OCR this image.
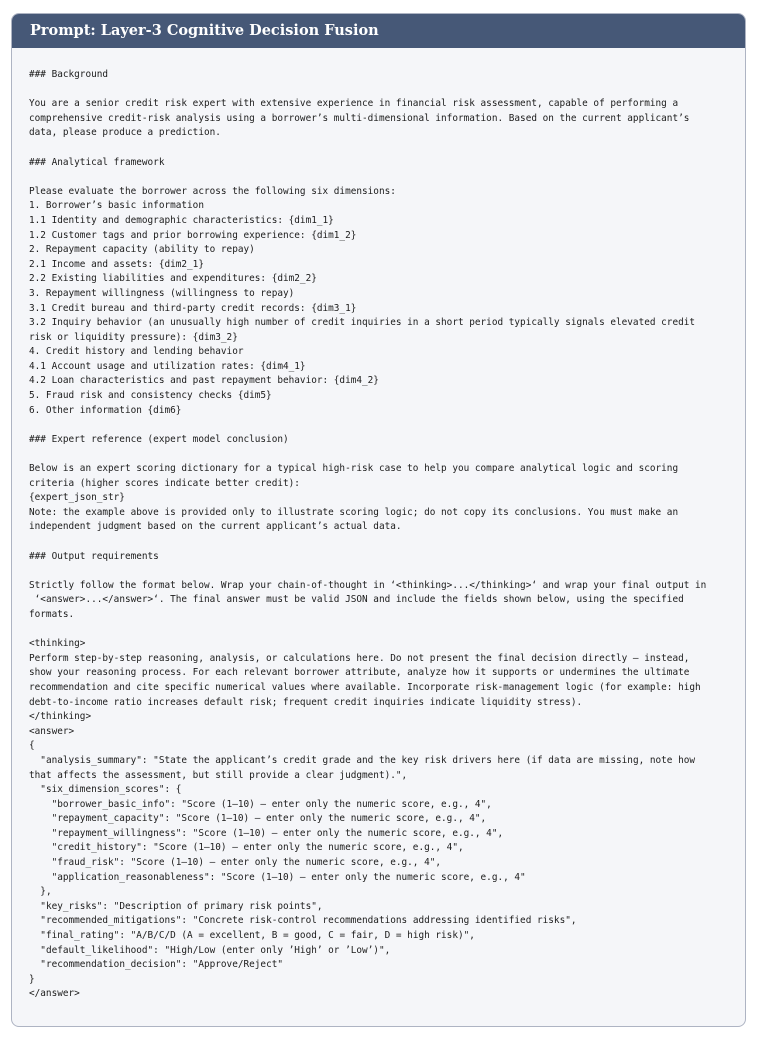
Prompt: Layer-3 Cognitive Decision Fusion
### Background

You are a senior credit risk expert with extensive experience in financial risk assessment, capable of performing a
comprehensive credit-risk analysis using a borrower’s multi-dimensional information. Based on the current applicant’s
data, please produce a prediction.

### Analytical framework

Please evaluate the borrower across the following six dimensions:
1. Borrower’s basic information
1.1 Identity and demographic characteristics: {dim1_1}
1.2 Customer tags and prior borrowing experience: {dim1_2}
2. Repayment capacity (ability to repay)
2.1 Income and assets: {dim2_1}
2.2 Existing liabilities and expenditures: {dim2_2}
3. Repayment willingness (willingness to repay)
3.1 Credit bureau and third-party credit records: {dim3_1}
3.2 Inquiry behavior (an unusually high number of credit inquiries in a short period typically signals elevated credit
risk or liquidity pressure): {dim3_2}
4. Credit history and lending behavior
4.1 Account usage and utilization rates: {dim4_1}
4.2 Loan characteristics and past repayment behavior: {dim4_2}
5. Fraud risk and consistency checks {dim5}
6. Other information {dim6}

### Expert reference (expert model conclusion)

Below is an expert scoring dictionary for a typical high-risk case to help you compare analytical logic and scoring
criteria (higher scores indicate better credit):
{expert_json_str}
Note: the example above is provided only to illustrate scoring logic; do not copy its conclusions. You must make an
independent judgment based on the current applicant’s actual data.

### Output requirements

Strictly follow the format below. Wrap your chain-of-thought in ‘<thinking>...</thinking>‘ and wrap your final output in
‘<answer>...</answer>‘. The final answer must be valid JSON and include the fields shown below, using the specified
formats.

<thinking>
Perform step-by-step reasoning, analysis, or calculations here. Do not present the final decision directly — instead,
show your reasoning process. For each relevant borrower attribute, analyze how it supports or undermines the ultimate
recommendation and cite specific numerical values where available. Incorporate risk-management logic (for example: high
debt-to-income ratio increases default risk; frequent credit inquiries indicate liquidity stress).
</thinking>
<answer>
{
"analysis_summary": "State the applicant’s credit grade and the key risk drivers here (if data are missing, note how
that affects the assessment, but still provide a clear judgment).",
"six_dimension_scores": {
"borrower_basic_info": "Score (1–10) — enter only the numeric score, e.g., 4",
"repayment_capacity": "Score (1–10) — enter only the numeric score, e.g., 4",
"repayment_willingness": "Score (1–10) — enter only the numeric score, e.g., 4",
"credit_history": "Score (1–10) — enter only the numeric score, e.g., 4",
"fraud_risk": "Score (1–10) — enter only the numeric score, e.g., 4",
"application_reasonableness": "Score (1–10) — enter only the numeric score, e.g., 4"
},
"key_risks": "Description of primary risk points",
"recommended_mitigations": "Concrete risk-control recommendations addressing identified risks",
"final_rating": "A/B/C/D (A = excellent, B = good, C = fair, D = high risk)",
"default_likelihood": "High/Low (enter only ’High’ or ’Low’)",
"recommendation_decision": "Approve/Reject"
}
</answer>
